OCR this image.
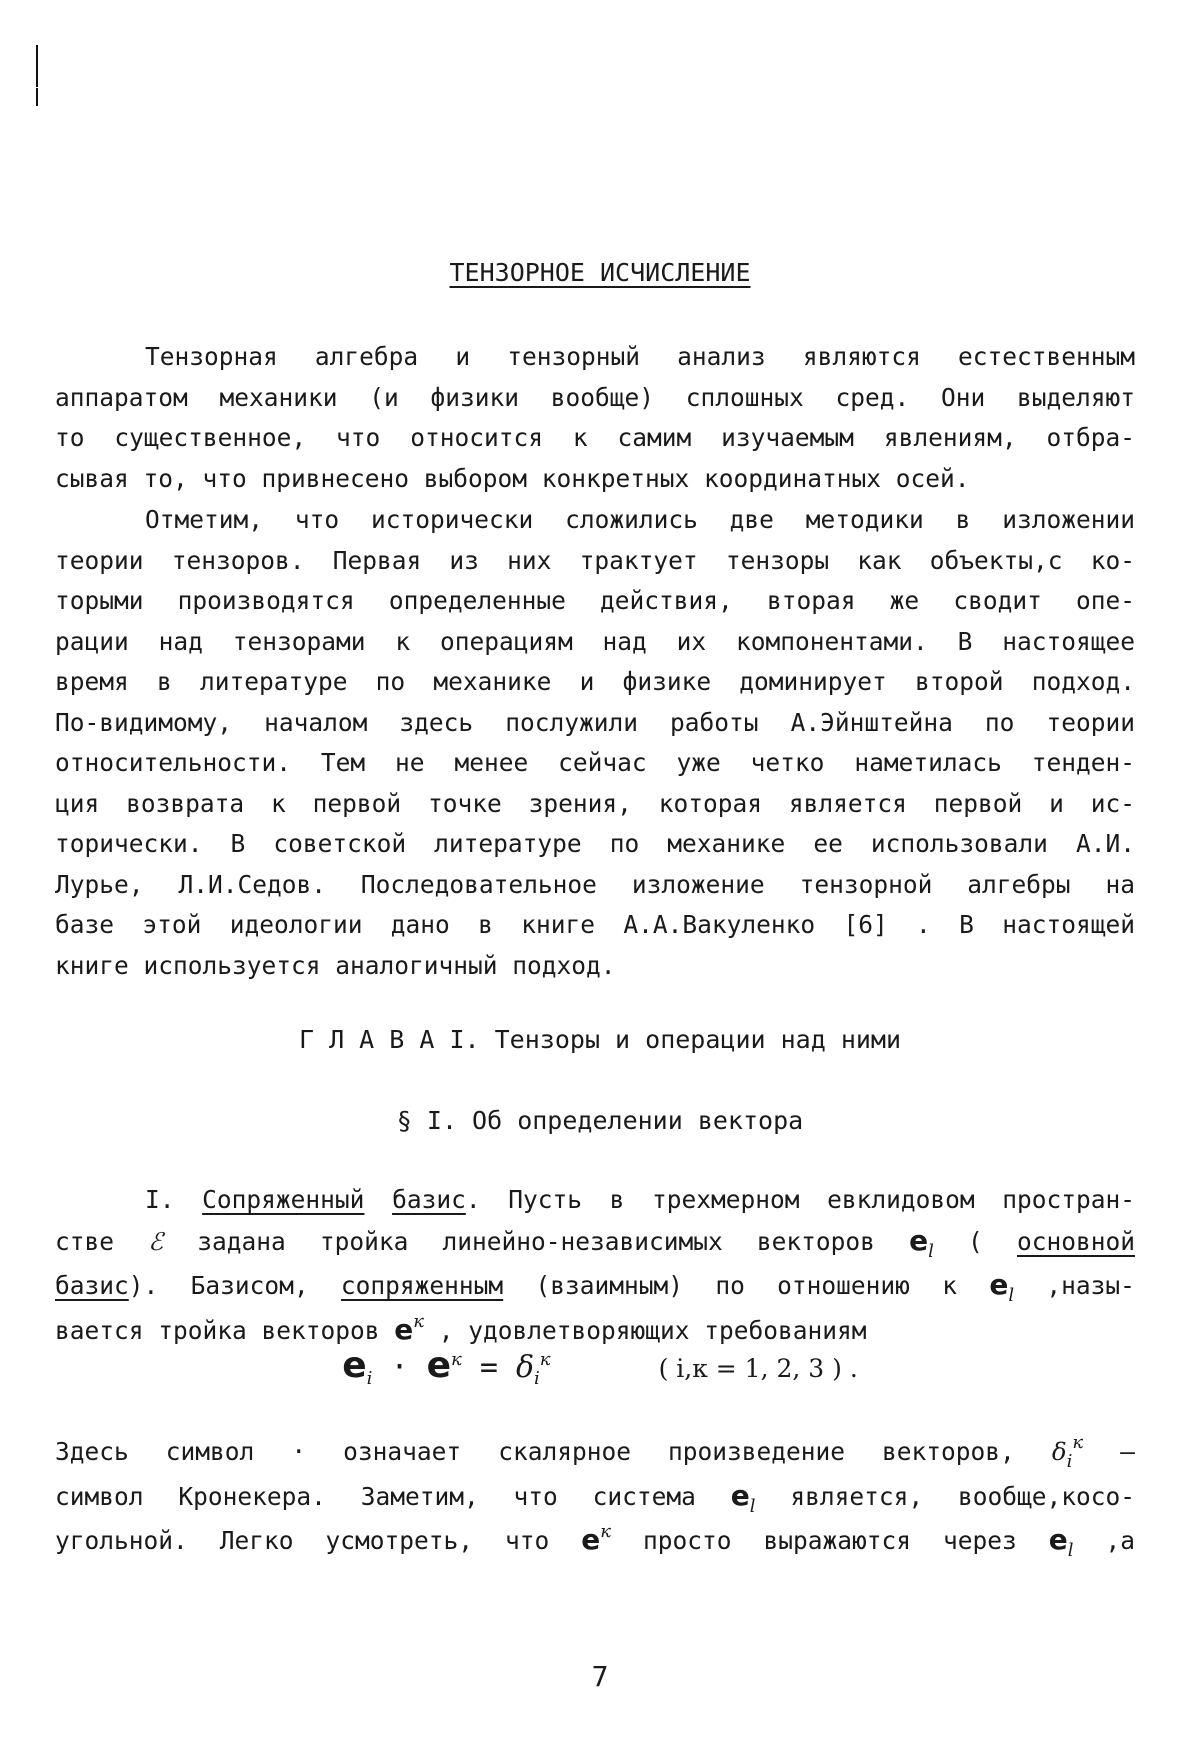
ТЕНЗОРНОЕ ИСЧИСЛЕНИЕ
Тензорная алгебра и тензорный анализ являются естественным
аппаратом механики (и физики вообще) сплошных сред. Они выделяют
то существенное, что относится к самим изучаемым явлениям, отбра-
сывая то, что привнесено выбором конкретных координатных осей.
Отметим, что исторически сложились две методики в изложении
теории тензоров. Первая из них трактует тензоры как объекты,с ко-
торыми производятся определенные действия, вторая же сводит опе-
рации над тензорами к операциям над их компонентами. В настоящее
время в литературе по механике и физике доминирует второй подход.
По-видимому, началом здесь послужили работы А.Эйнштейна по теории
относительности. Тем не менее сейчас уже четко наметилась тенден-
ция возврата к первой точке зрения, которая является первой и ис-
торически. В советской литературе по механике ее использовали А.И.
Лурье, Л.И.Седов. Последовательное изложение тензорной алгебры на
базе этой идеологии дано в книге А.А.Вакуленко [6] . В настоящей
книге используется аналогичный подход.
Г Л А В А I. Тензоры и операции над ними
§ I. Об определении вектора
I. Сопряженный базис. Пусть в трехмерном евклидовом простран-
стве ℰ задана тройка линейно-независимых векторов $e_l$ ( основной
базис). Базисом, сопряженным (взаимным) по отношению к $e_l$ ,назы-
вается тройка векторов $e^к$ , удовлетворяющих требованиям
$e_i \cdot e^к = \delta_i^к$	( i,к = 1, 2, 3 ) .
Здесь символ · означает скалярное произведение векторов, $\delta_i^к$ –
символ Кронекера. Заметим, что система $e_l$ является, вообще,косо-
угольной. Легко усмотреть, что $e^к$ просто выражаются через $e_l$ ,а
7
